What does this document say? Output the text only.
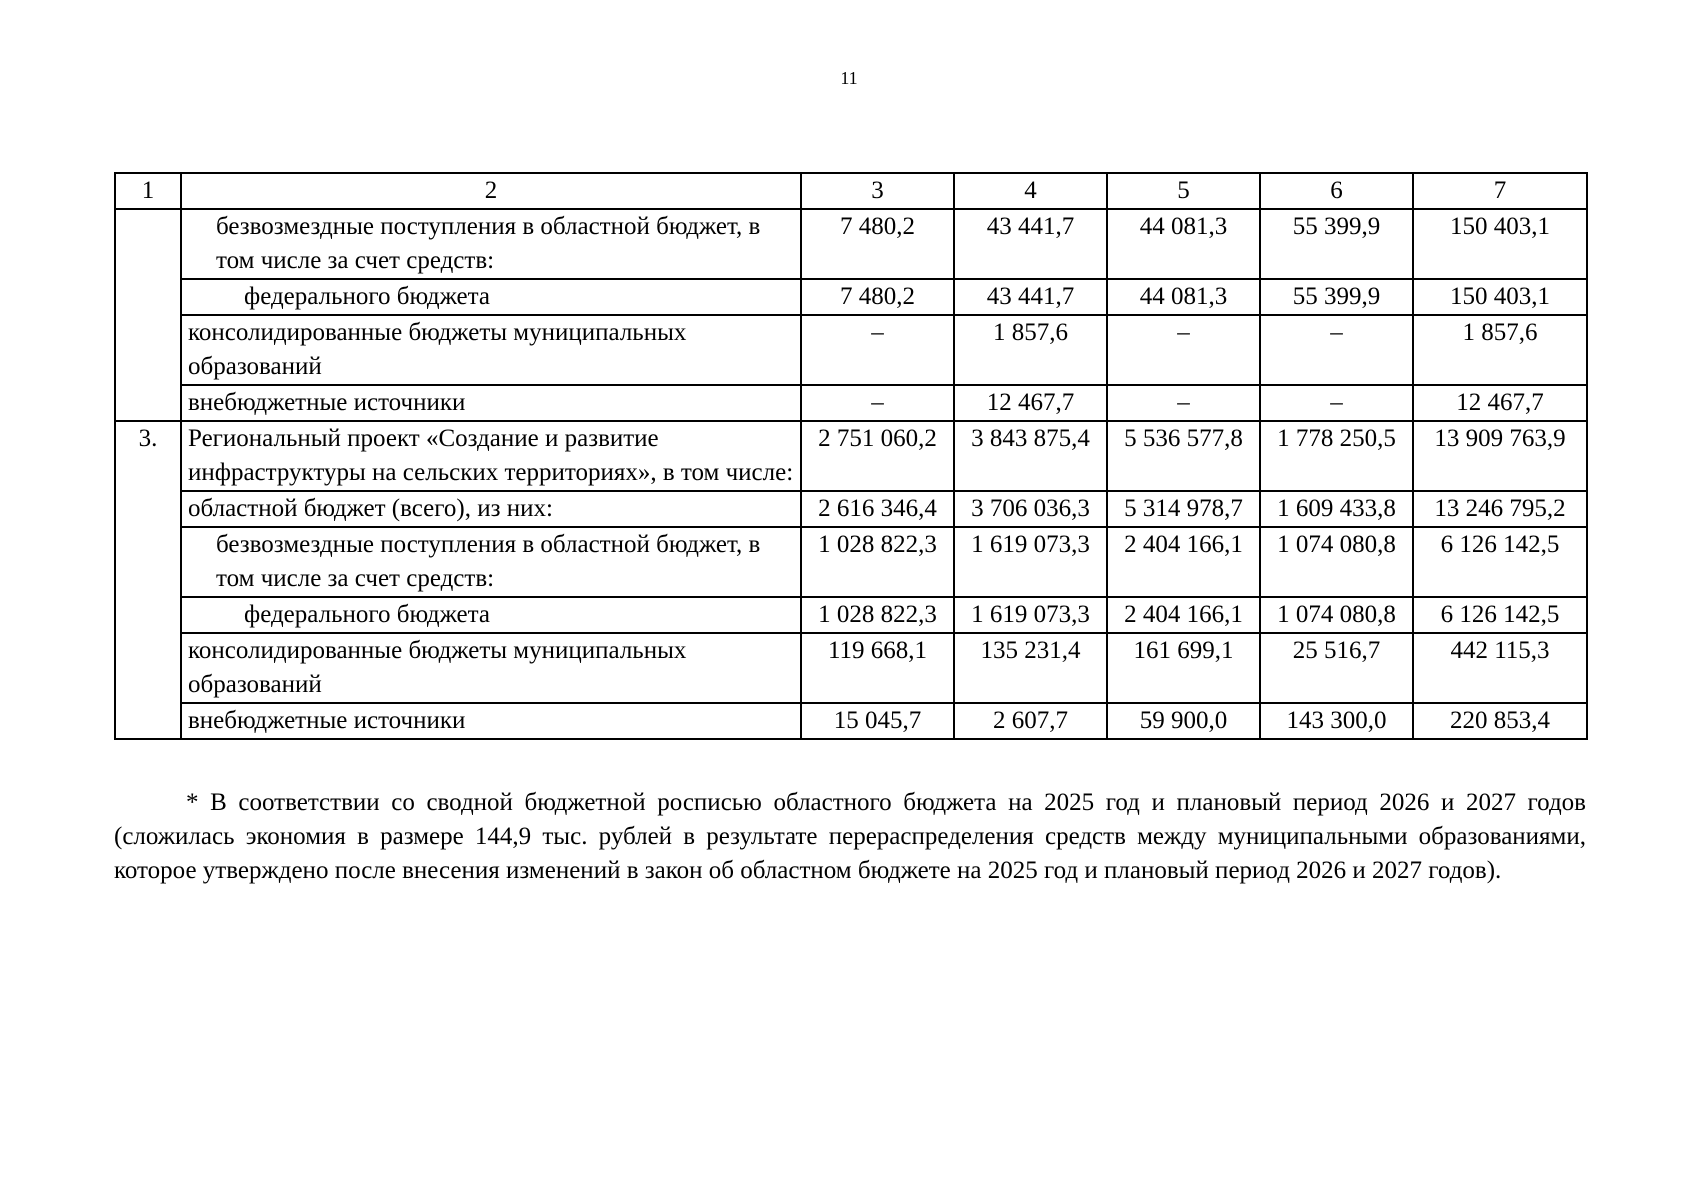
11
1	2	3	4	5	6	7
	безвозмездные поступления в областной бюджет, в том числе за счет средств:	7 480,2	43 441,7	44 081,3	55 399,9	150 403,1
	федерального бюджета	7 480,2	43 441,7	44 081,3	55 399,9	150 403,1
	консолидированные бюджеты муниципальных образований	–	1 857,6	–	–	1 857,6
	внебюджетные источники	–	12 467,7	–	–	12 467,7
3.	Региональный проект «Создание и развитие инфраструктуры на сельских территориях», в том числе:	2 751 060,2	3 843 875,4	5 536 577,8	1 778 250,5	13 909 763,9
	областной бюджет (всего), из них:	2 616 346,4	3 706 036,3	5 314 978,7	1 609 433,8	13 246 795,2
	безвозмездные поступления в областной бюджет, в том числе за счет средств:	1 028 822,3	1 619 073,3	2 404 166,1	1 074 080,8	6 126 142,5
	федерального бюджета	1 028 822,3	1 619 073,3	2 404 166,1	1 074 080,8	6 126 142,5
	консолидированные бюджеты муниципальных образований	119 668,1	135 231,4	161 699,1	25 516,7	442 115,3
	внебюджетные источники	15 045,7	2 607,7	59 900,0	143 300,0	220 853,4

* В соответствии со сводной бюджетной росписью областного бюджета на 2025 год и плановый период 2026 и 2027 годов (сложилась экономия в размере 144,9 тыс. рублей в результате перераспределения средств между муниципальными образованиями, которое утверждено после внесения изменений в закон об областном бюджете на 2025 год и плановый период 2026 и 2027 годов).
